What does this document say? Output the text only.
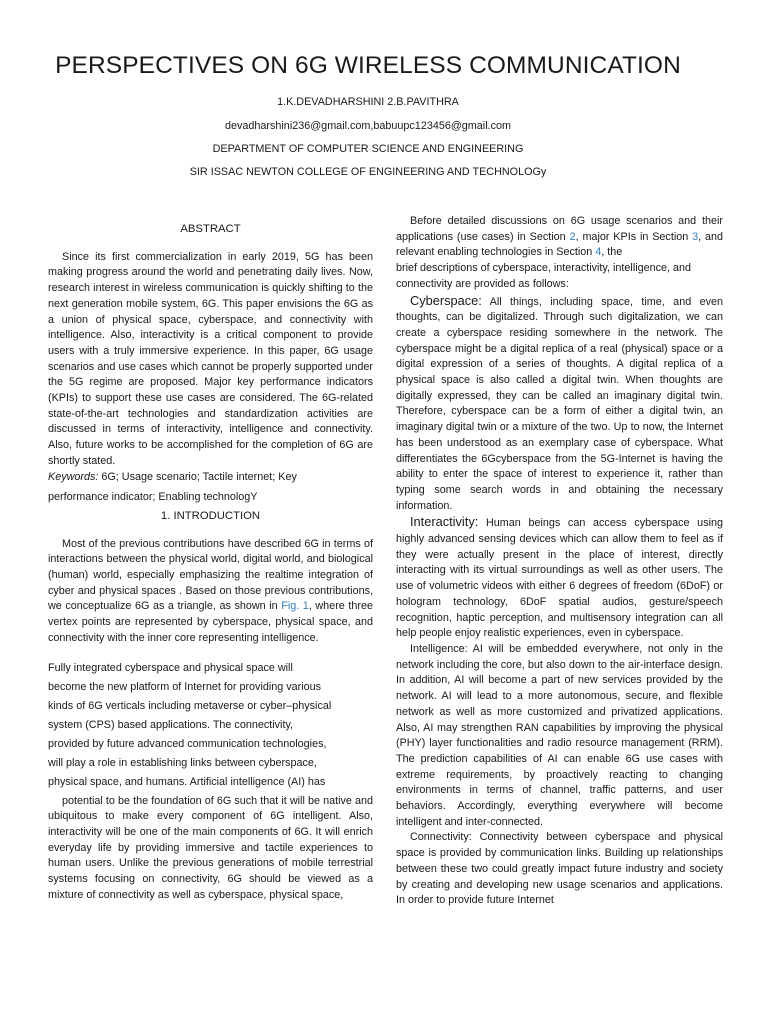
PERSPECTIVES ON 6G WIRELESS COMMUNICATION
1.K.DEVADHARSHINI 2.B.PAVITHRA
devadharshini236@gmail.com,babuupc123456@gmail.com
DEPARTMENT OF COMPUTER SCIENCE AND ENGINEERING
SIR ISSAC NEWTON COLLEGE OF ENGINEERING AND TECHNOLOGy
ABSTRACT

Since its first commercialization in early 2019, 5G has been making progress around the world and penetrating daily lives. Now, research interest in wireless communication is quickly shifting to the next generation mobile system, 6G. This paper envisions the 6G as a union of physical space, cyberspace, and connectivity with intelligence. Also, interactivity is a critical component to provide users with a truly immersive experience. In this paper, 6G usage scenarios and use cases which cannot be properly supported under the 5G regime are proposed. Major key performance indicators (KPIs) to support these use cases are considered. The 6G-related state-of-the-art technologies and standardization activities are discussed in terms of interactivity, intelligence and connectivity. Also, future works to be accomplished for the completion of 6G are shortly stated.

Keywords: 6G; Usage scenario; Tactile internet; Key
performance indicator; Enabling technologY
1. INTRODUCTION

Most of the previous contributions have described 6G in terms of interactions between the physical world, digital world, and biological (human) world, especially emphasizing the realtime integration of cyber and physical spaces . Based on those previous contributions, we conceptualize 6G as a triangle, as shown in Fig. 1, where three vertex points are represented by cyberspace, physical space, and connectivity with the inner core representing intelligence.

Fully integrated cyberspace and physical space will
become the new platform of Internet for providing various
kinds of 6G verticals including metaverse or cyber–physical
system (CPS) based applications. The connectivity,
provided by future advanced communication technologies,
will play a role in establishing links between cyberspace,
physical space, and humans. Artificial intelligence (AI) has

potential to be the foundation of 6G such that it will be native and ubiquitous to make every component of 6G intelligent. Also, interactivity will be one of the main components of 6G. It will enrich everyday life by providing immersive and tactile experiences to human users. Unlike the previous generations of mobile terrestrial systems focusing on connectivity, 6G should be viewed as a mixture of connectivity as well as cyberspace, physical space,

Before detailed discussions on 6G usage scenarios and their applications (use cases) in Section 2, major KPIs in Section 3, and relevant enabling technologies in Section 4, the

brief descriptions of cyberspace, interactivity, intelligence, and connectivity are provided as follows:

Cyberspace: All things, including space, time, and even thoughts, can be digitalized. Through such digitalization, we can create a cyberspace residing somewhere in the network. The cyberspace might be a digital replica of a real (physical) space or a digital expression of a series of thoughts. A digital replica of a physical space is also called a digital twin. When thoughts are digitally expressed, they can be called an imaginary digital twin. Therefore, cyberspace can be a form of either a digital twin, an imaginary digital twin or a mixture of the two. Up to now, the Internet has been understood as an exemplary case of cyberspace. What differentiates the 6Gcyberspace from the 5G-Internet is having the ability to enter the space of interest to experience it, rather than typing some search words in and obtaining the necessary information.

Interactivity: Human beings can access cyberspace using highly advanced sensing devices which can allow them to feel as if they were actually present in the place of interest, directly interacting with its virtual surroundings as well as other users. The use of volumetric videos with either 6 degrees of freedom (6DoF) or hologram technology, 6DoF spatial audios, gesture/speech recognition, haptic perception, and multisensory integration can all help people enjoy realistic experiences, even in cyberspace.

Intelligence: AI will be embedded everywhere, not only in the network including the core, but also down to the air-interface design. In addition, AI will become a part of new services provided by the network. AI will lead to a more autonomous, secure, and flexible network as well as more customized and privatized applications. Also, AI may strengthen RAN capabilities by improving the physical (PHY) layer functionalities and radio resource management (RRM). The prediction capabilities of AI can enable 6G use cases with extreme requirements, by proactively reacting to changing environments in terms of channel, traffic patterns, and user behaviors. Accordingly, everything everywhere will become intelligent and inter-connected.

Connectivity: Connectivity between cyberspace and physical space is provided by communication links. Building up relationships between these two could greatly impact future industry and society by creating and developing new usage scenarios and applications. In order to provide future Internet
